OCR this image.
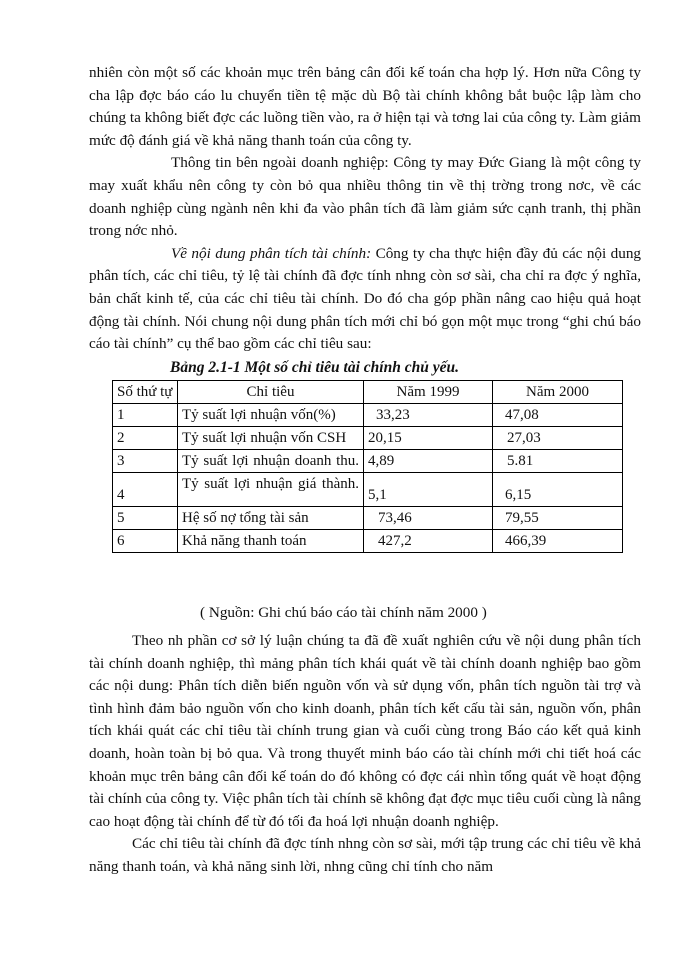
nhiên còn một số các khoản mục trên bảng cân đối kế toán cha hợp lý. Hơn nữa Công ty cha lập đợc báo cáo lu chuyển tiền tệ mặc dù Bộ tài chính không bắt buộc lập làm cho chúng ta không biết đợc các luồng tiền vào, ra ở hiện tại và tơng lai của công ty. Làm giảm mức độ đánh giá về khả năng thanh toán của công ty.

Thông tin bên ngoài doanh nghiệp: Công ty may Đức Giang là một công ty may xuất khẩu nên công ty còn bỏ qua nhiều thông tin về thị trờng trong nơc, về các doanh nghiệp cùng ngành nên khi đa vào phân tích đã làm giảm sức cạnh tranh, thị phần trong nớc nhỏ.

Về nội dung phân tích tài chính: Công ty cha thực hiện đầy đủ các nội dung phân tích, các chỉ tiêu, tỷ lệ tài chính đã đợc tính nhng còn sơ sài, cha chỉ ra đợc ý nghĩa, bản chất kinh tế, của các chỉ tiêu tài chính. Do đó cha góp phần nâng cao hiệu quả hoạt động tài chính. Nói chung nội dung phân tích mới chỉ bó gọn một mục trong “ghi chú báo cáo tài chính” cụ thể bao gồm các chỉ tiêu sau:

Bảng 2.1-1 Một số chỉ tiêu tài chính chủ yếu.
Số thứ tự	Chỉ tiêu	Năm 1999	Năm 2000
1	Tỷ suất lợi nhuận vốn(%)	33,23	47,08
2	Tỷ suất lợi nhuận vốn CSH	20,15	27,03
3	Tỷ suất lợi nhuận doanh thu.	4,89	5.81
4	Tỷ suất lợi nhuận giá thành.	5,1	6,15
5	Hệ số nợ tổng tài sản	73,46	79,55
6	Khả năng thanh toán	427,2	466,39
( Nguồn: Ghi chú báo cáo tài chính năm 2000 )

Theo nh phần cơ sở lý luận chúng ta đã đề xuất nghiên cứu về nội dung phân tích tài chính doanh nghiệp, thì mảng phân tích khái quát về tài chính doanh nghiệp bao gồm các nội dung: Phân tích diễn biến nguồn vốn và sử dụng vốn, phân tích nguồn tài trợ và tình hình đảm bảo nguồn vốn cho kinh doanh, phân tích kết cấu tài sản, nguồn vốn, phân tích khái quát các chỉ tiêu tài chính trung gian và cuối cùng trong Báo cáo kết quả kinh doanh, hoàn toàn bị bỏ qua. Và trong thuyết minh báo cáo tài chính mới chi tiết hoá các khoản mục trên bảng cân đối kế toán do đó không có đợc cái nhìn tổng quát về hoạt động tài chính của công ty. Việc phân tích tài chính sẽ không đạt đợc mục tiêu cuối cùng là nâng cao hoạt động tài chính để từ đó tối đa hoá lợi nhuận doanh nghiệp.

Các chỉ tiêu tài chính đã đợc tính nhng còn sơ sài, mới tập trung các chỉ tiêu về khả năng thanh toán, và khả năng sinh lời, nhng cũng chỉ tính cho năm
